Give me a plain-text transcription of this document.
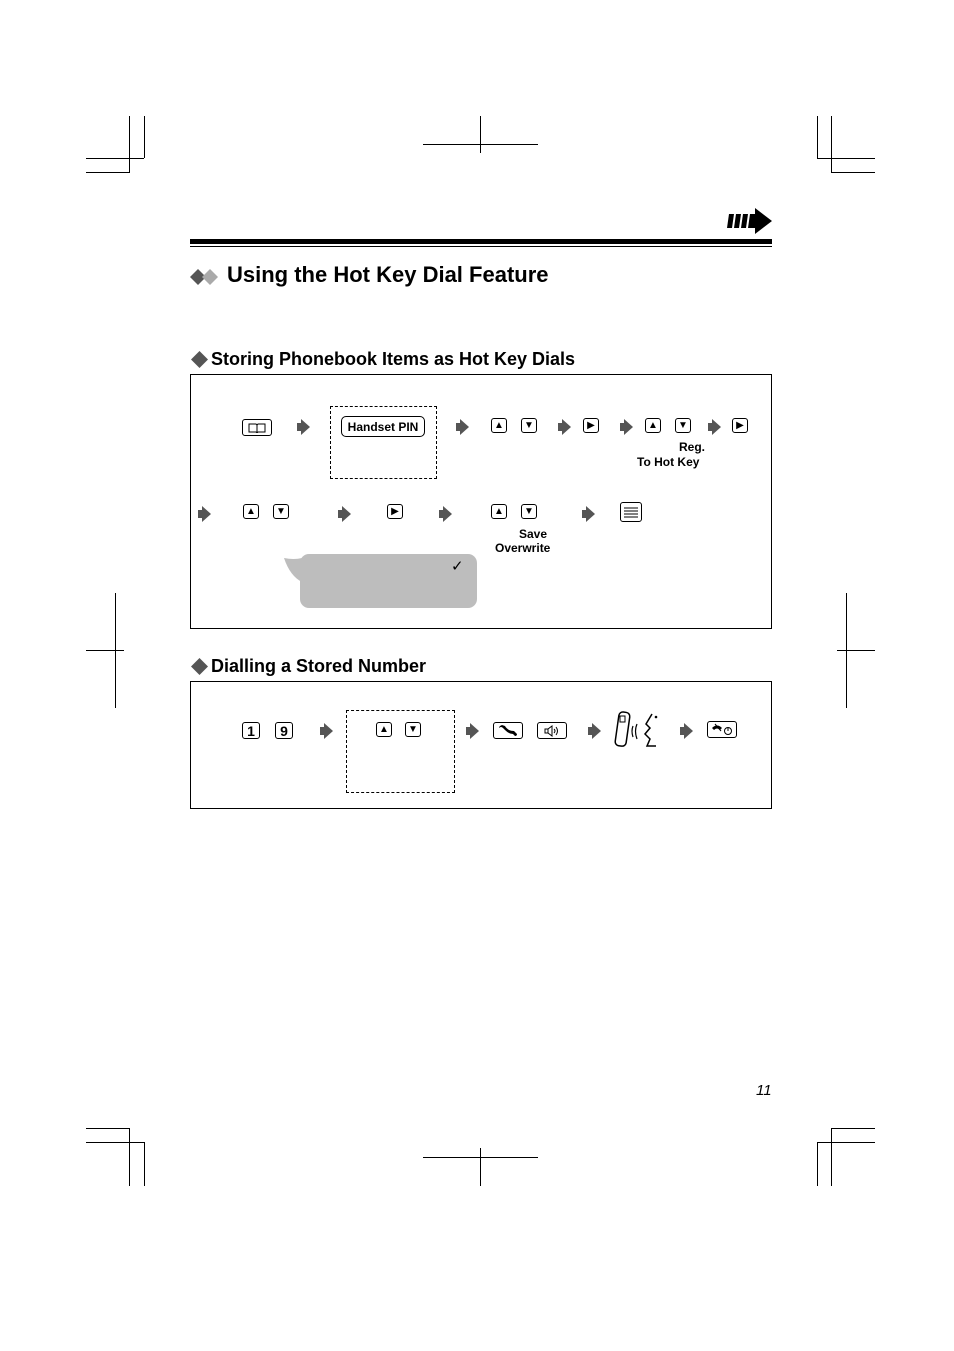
Using the Hot Key Dial Feature
Storing Phonebook Items as Hot Key Dials
Handset PIN	▲	▼	▶	▲	▼	▶
Reg.
To Hot Key
▲	▼	▶	▲	▼
Save
Overwrite
✓
Dialling a Stored Number
1	9	▲	▼
11
